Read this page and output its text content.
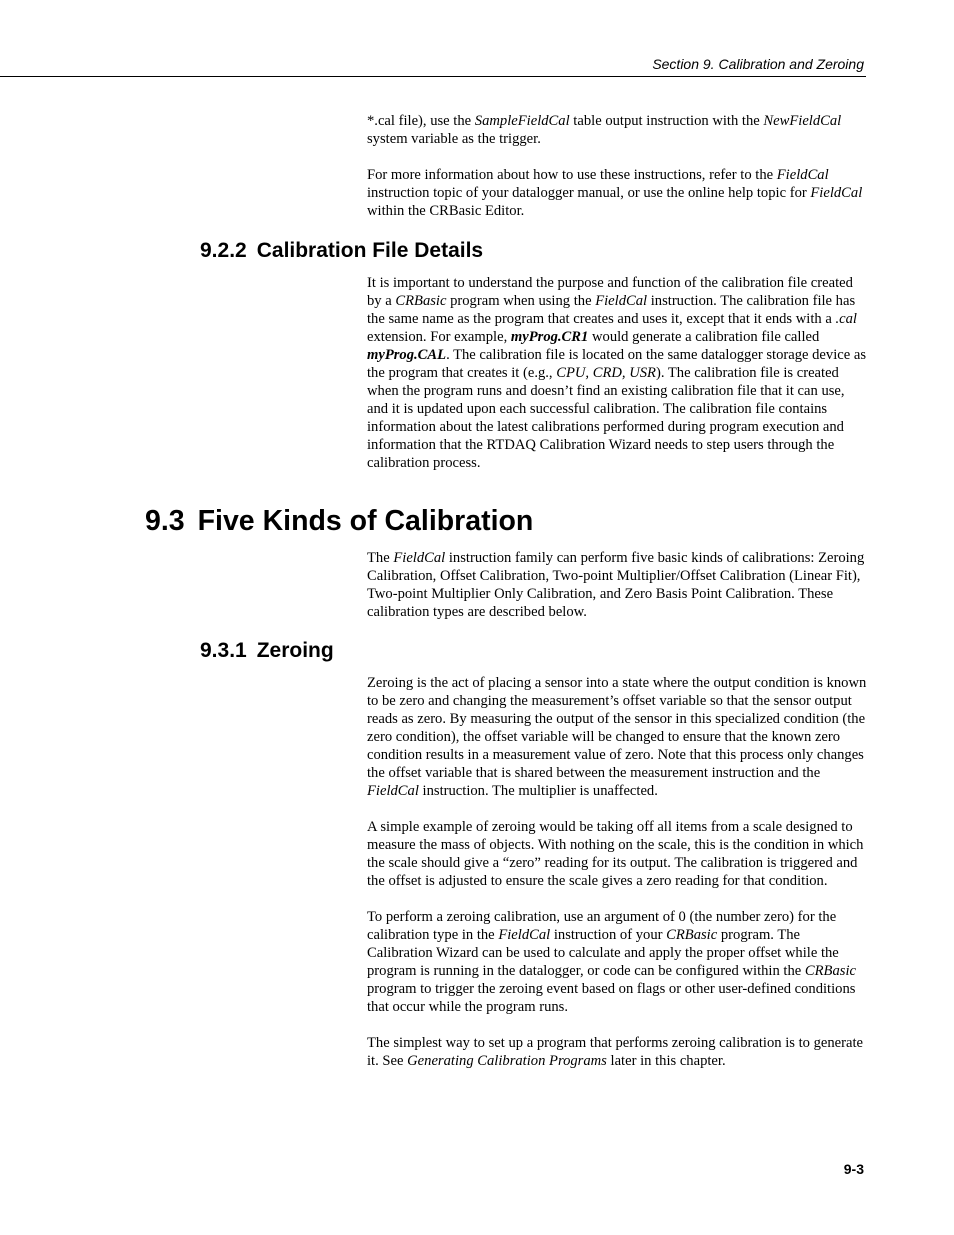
Section 9. Calibration and Zeroing

*.cal file), use the SampleFieldCal table output instruction with the NewFieldCal system variable as the trigger.

For more information about how to use these instructions, refer to the FieldCal instruction topic of your datalogger manual, or use the online help topic for FieldCal within the CRBasic Editor.

9.2.2 Calibration File Details

It is important to understand the purpose and function of the calibration file created by a CRBasic program when using the FieldCal instruction. The calibration file has the same name as the program that creates and uses it, except that it ends with a .cal extension. For example, myProg.CR1 would generate a calibration file called myProg.CAL. The calibration file is located on the same datalogger storage device as the program that creates it (e.g., CPU, CRD, USR). The calibration file is created when the program runs and doesn’t find an existing calibration file that it can use, and it is updated upon each successful calibration. The calibration file contains information about the latest calibrations performed during program execution and information that the RTDAQ Calibration Wizard needs to step users through the calibration process.

9.3 Five Kinds of Calibration

The FieldCal instruction family can perform five basic kinds of calibrations: Zeroing Calibration, Offset Calibration, Two-point Multiplier/Offset Calibration (Linear Fit), Two-point Multiplier Only Calibration, and Zero Basis Point Calibration. These calibration types are described below.

9.3.1 Zeroing

Zeroing is the act of placing a sensor into a state where the output condition is known to be zero and changing the measurement’s offset variable so that the sensor output reads as zero. By measuring the output of the sensor in this specialized condition (the zero condition), the offset variable will be changed to ensure that the known zero condition results in a measurement value of zero. Note that this process only changes the offset variable that is shared between the measurement instruction and the FieldCal instruction. The multiplier is unaffected.

A simple example of zeroing would be taking off all items from a scale designed to measure the mass of objects. With nothing on the scale, this is the condition in which the scale should give a “zero” reading for its output. The calibration is triggered and the offset is adjusted to ensure the scale gives a zero reading for that condition.

To perform a zeroing calibration, use an argument of 0 (the number zero) for the calibration type in the FieldCal instruction of your CRBasic program. The Calibration Wizard can be used to calculate and apply the proper offset while the program is running in the datalogger, or code can be configured within the CRBasic program to trigger the zeroing event based on flags or other user-defined conditions that occur while the program runs.

The simplest way to set up a program that performs zeroing calibration is to generate it. See Generating Calibration Programs later in this chapter.

9-3
